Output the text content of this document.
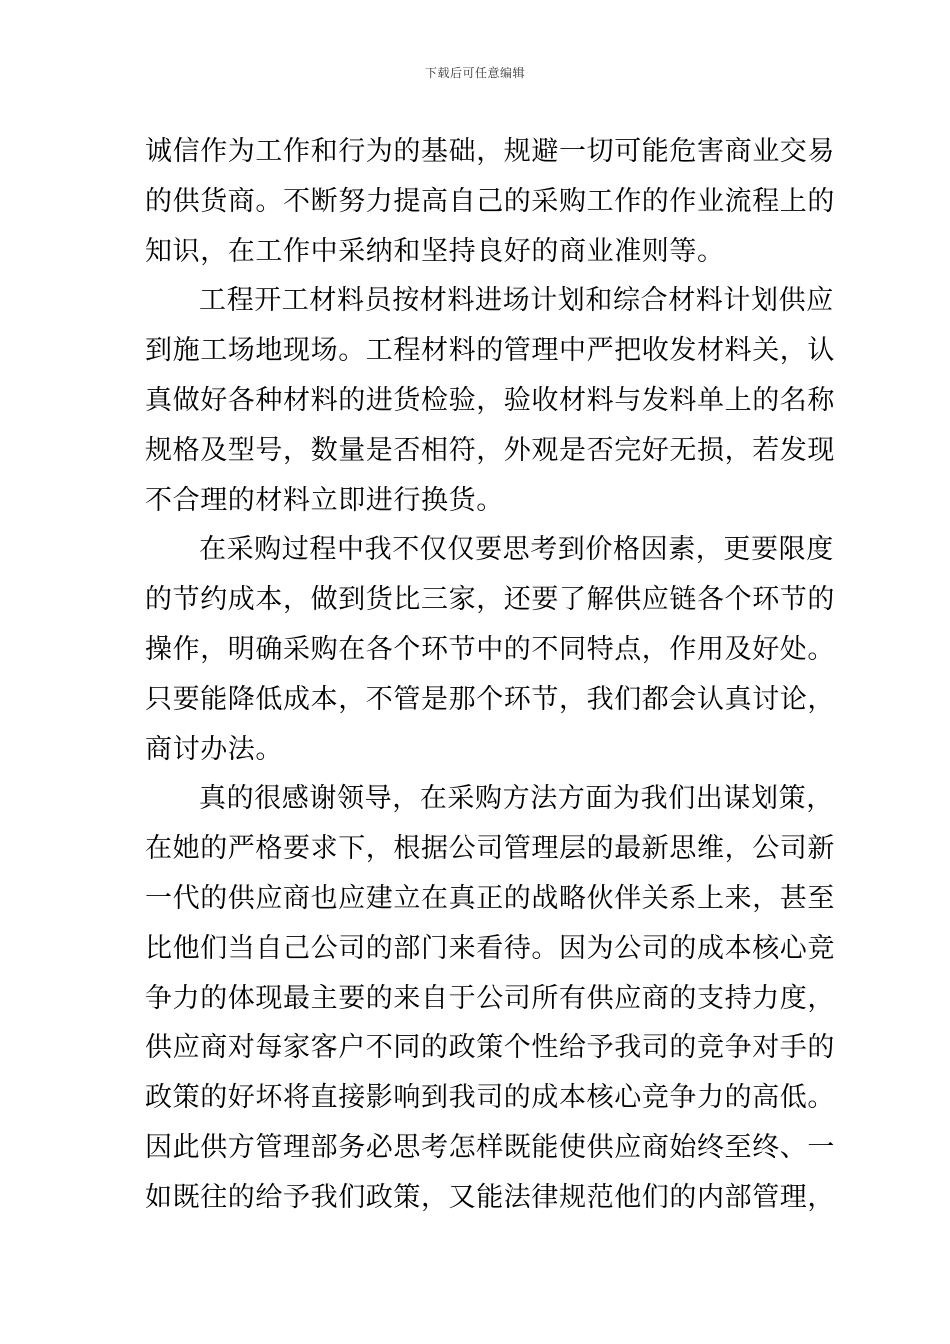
下载后可任意编辑
诚信作为工作和行为的基础，规避一切可能危害商业交易
的供货商。不断努力提高自己的采购工作的作业流程上的
知识，在工作中采纳和坚持良好的商业准则等。
工程开工材料员按材料进场计划和综合材料计划供应
到施工场地现场。工程材料的管理中严把收发材料关，认
真做好各种材料的进货检验，验收材料与发料单上的名称
规格及型号，数量是否相符，外观是否完好无损，若发现
不合理的材料立即进行换货。
在采购过程中我不仅仅要思考到价格因素，更要限度
的节约成本，做到货比三家，还要了解供应链各个环节的
操作，明确采购在各个环节中的不同特点，作用及好处。
只要能降低成本，不管是那个环节，我们都会认真讨论，
商讨办法。
真的很感谢领导，在采购方法方面为我们出谋划策，
在她的严格要求下，根据公司管理层的最新思维，公司新
一代的供应商也应建立在真正的战略伙伴关系上来，甚至
比他们当自己公司的部门来看待。因为公司的成本核心竞
争力的体现最主要的来自于公司所有供应商的支持力度，
供应商对每家客户不同的政策个性给予我司的竞争对手的
政策的好坏将直接影响到我司的成本核心竞争力的高低。
因此供方管理部务必思考怎样既能使供应商始终至终、一
如既往的给予我们政策，又能法律规范他们的内部管理，
